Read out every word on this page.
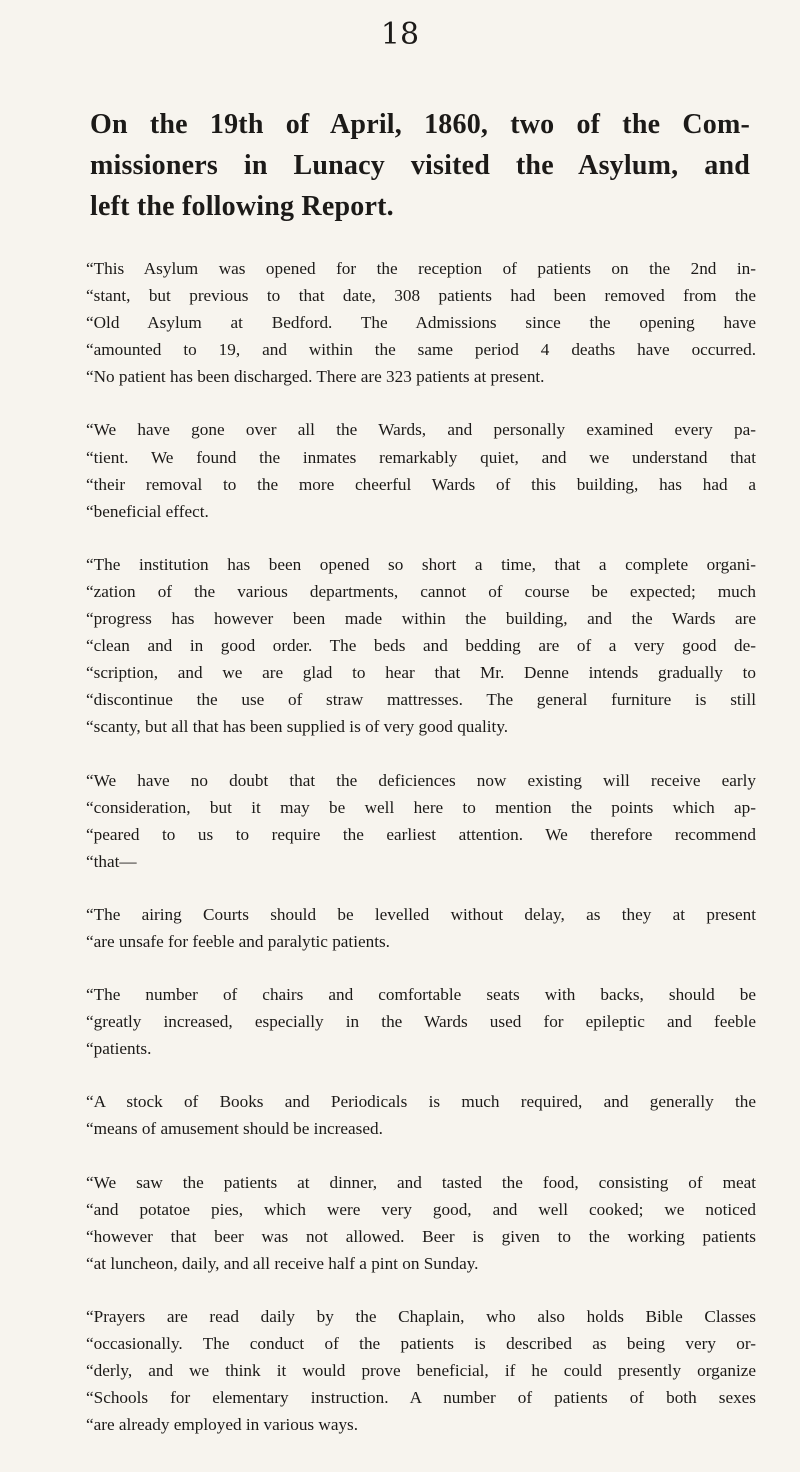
18
On the 19th of April, 1860, two of the Com-
missioners in Lunacy visited the Asylum, and
left the following Report.
“This Asylum was opened for the reception of patients on the 2nd in-
“stant, but previous to that date, 308 patients had been removed from the
“Old Asylum at Bedford. The Admissions since the opening have
“amounted to 19, and within the same period 4 deaths have occurred.
“No patient has been discharged. There are 323 patients at present.
“We have gone over all the Wards, and personally examined every pa-
“tient. We found the inmates remarkably quiet, and we understand that
“their removal to the more cheerful Wards of this building, has had a
“beneficial effect.
“The institution has been opened so short a time, that a complete organi-
“zation of the various departments, cannot of course be expected; much
“progress has however been made within the building, and the Wards are
“clean and in good order. The beds and bedding are of a very good de-
“scription, and we are glad to hear that Mr. Denne intends gradually to
“discontinue the use of straw mattresses. The general furniture is still
“scanty, but all that has been supplied is of very good quality.
“We have no doubt that the deficiences now existing will receive early
“consideration, but it may be well here to mention the points which ap-
“peared to us to require the earliest attention. We therefore recommend
“that—
“The airing Courts should be levelled without delay, as they at present
“are unsafe for feeble and paralytic patients.
“The number of chairs and comfortable seats with backs, should be
“greatly increased, especially in the Wards used for epileptic and feeble
“patients.
“A stock of Books and Periodicals is much required, and generally the
“means of amusement should be increased.
“We saw the patients at dinner, and tasted the food, consisting of meat
“and potatoe pies, which were very good, and well cooked; we noticed
“however that beer was not allowed. Beer is given to the working patients
“at luncheon, daily, and all receive half a pint on Sunday.
“Prayers are read daily by the Chaplain, who also holds Bible Classes
“occasionally. The conduct of the patients is described as being very or-
“derly, and we think it would prove beneficial, if he could presently organize
“Schools for elementary instruction. A number of patients of both sexes
“are already employed in various ways.
